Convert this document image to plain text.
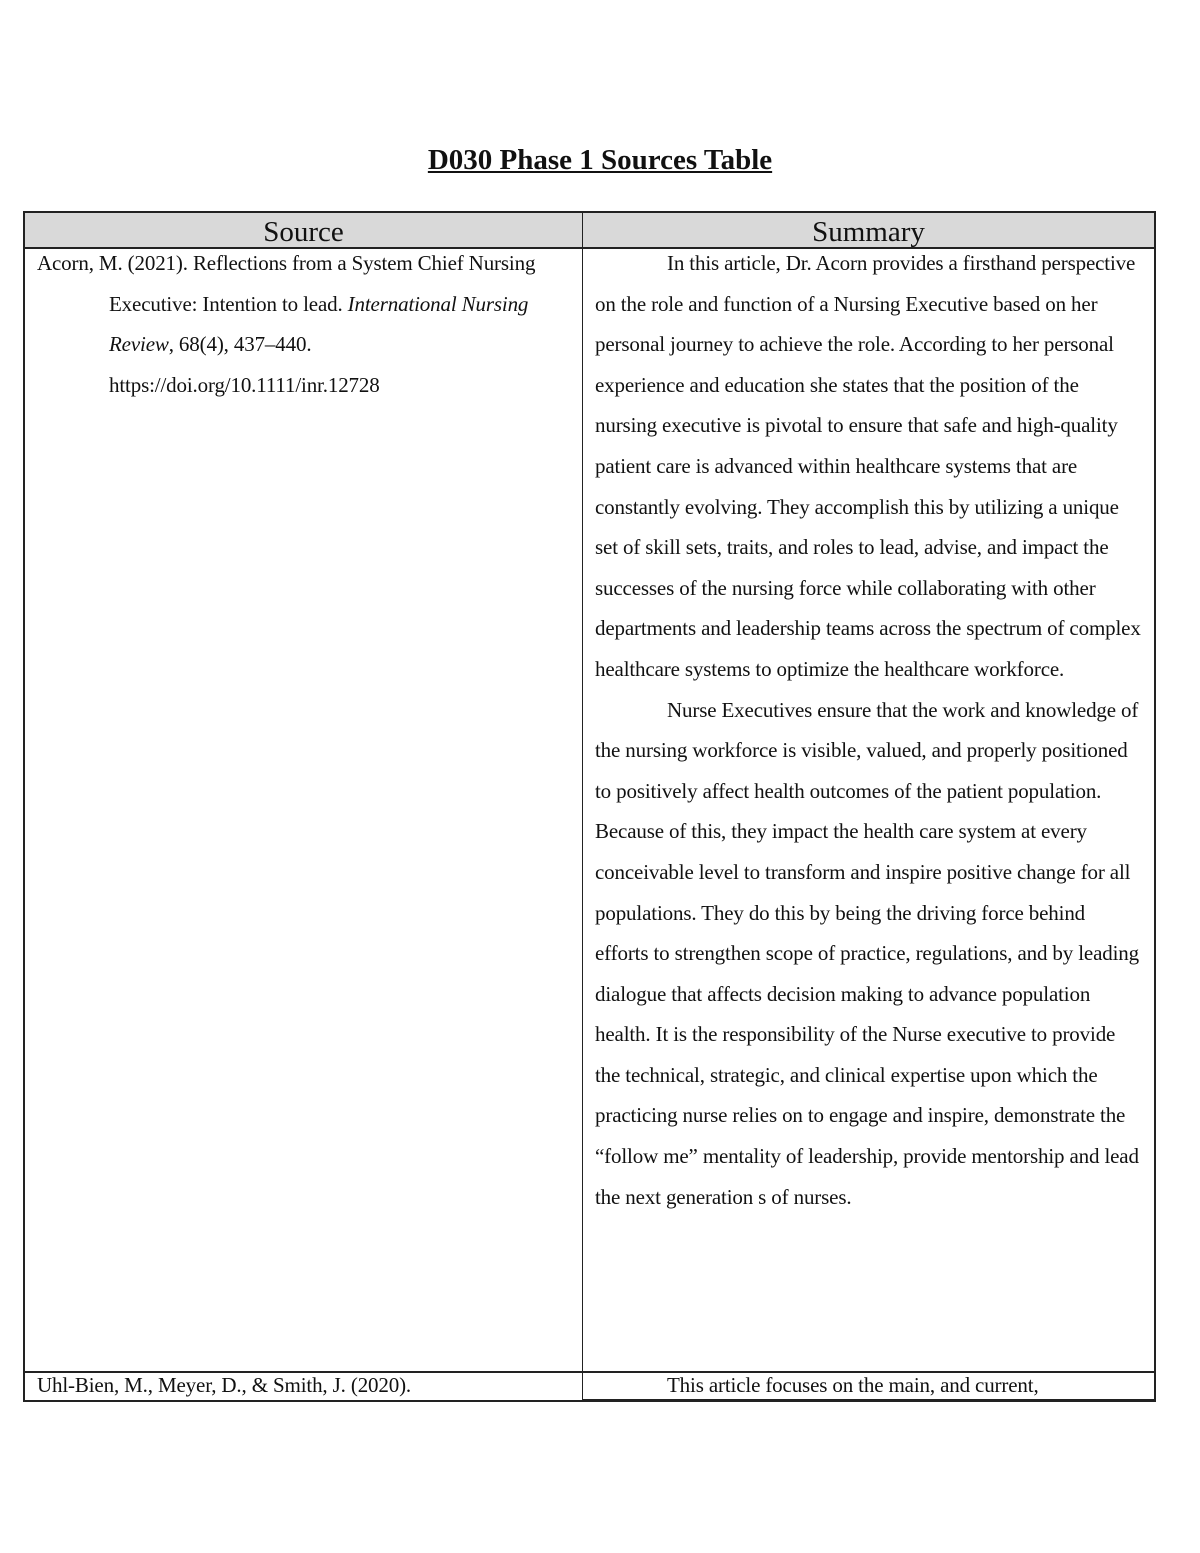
D030 Phase 1 Sources Table
Source	Summary

Acorn, M. (2021). Reflections from a System Chief Nursing Executive: Intention to lead. International Nursing Review, 68(4), 437–440. https://doi.org/10.1111/inr.12728

In this article, Dr. Acorn provides a firsthand perspective on the role and function of a Nursing Executive based on her personal journey to achieve the role. According to her personal experience and education she states that the position of the nursing executive is pivotal to ensure that safe and high-quality patient care is advanced within healthcare systems that are constantly evolving. They accomplish this by utilizing a unique set of skill sets, traits, and roles to lead, advise, and impact the successes of the nursing force while collaborating with other departments and leadership teams across the spectrum of complex healthcare systems to optimize the healthcare workforce.

Nurse Executives ensure that the work and knowledge of the nursing workforce is visible, valued, and properly positioned to positively affect health outcomes of the patient population. Because of this, they impact the health care system at every conceivable level to transform and inspire positive change for all populations. They do this by being the driving force behind efforts to strengthen scope of practice, regulations, and by leading dialogue that affects decision making to advance population health. It is the responsibility of the Nurse executive to provide the technical, strategic, and clinical expertise upon which the practicing nurse relies on to engage and inspire, demonstrate the “follow me” mentality of leadership, provide mentorship and lead the next generation s of nurses.

Uhl-Bien, M., Meyer, D., & Smith, J. (2020).	This article focuses on the main, and current,
